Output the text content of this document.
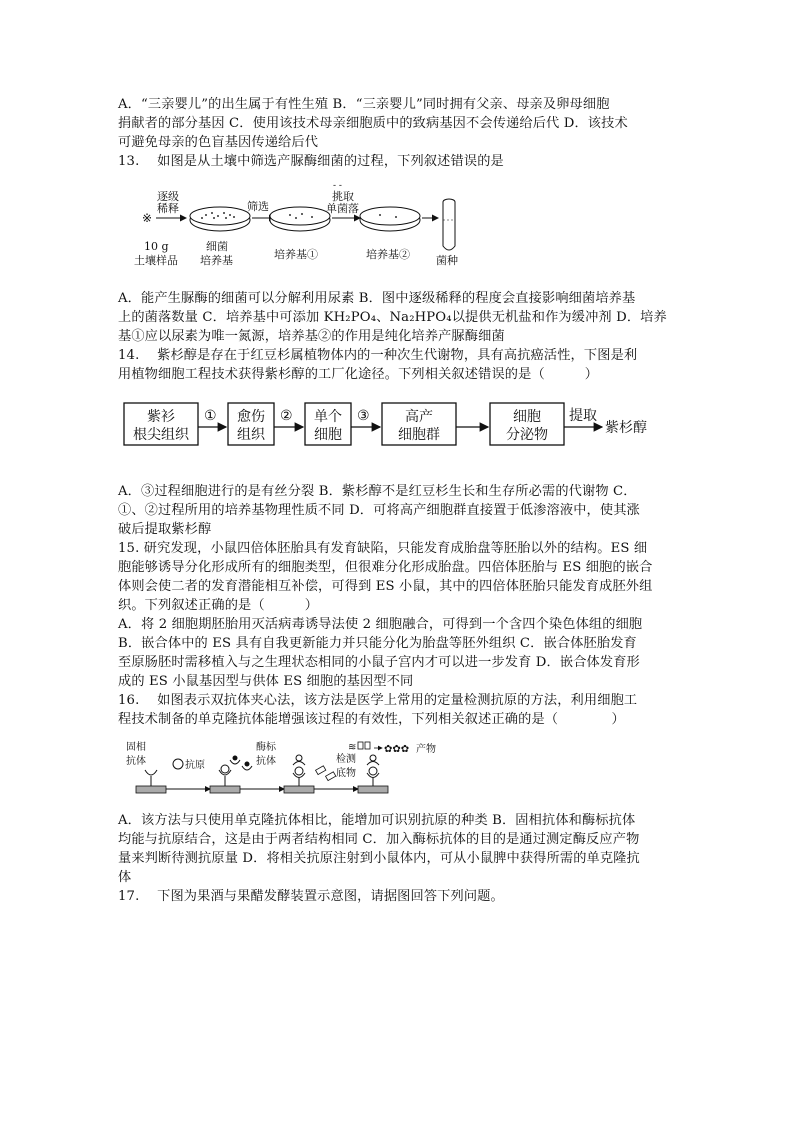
A．“三亲婴儿”的出生属于有性生殖 B．“三亲婴儿”同时拥有父亲、母亲及卵母细胞
捐献者的部分基因 C．使用该技术母亲细胞质中的致病基因不会传递给后代 D．该技术
可避免母亲的色盲基因传递给后代
13.　 如图是从土壤中筛选产脲酶细菌的过程，下列叙述错误的是
※
逐级
稀释	筛选
- -
挑取
单菌落
10 g
土壤样品
细菌
培养基	培养基①	培养基② 菌种
A．能产生脲酶的细菌可以分解利用尿素 B．图中逐级稀释的程度会直接影响细菌培养基
上的菌落数量 C．培养基中可添加 KH₂PO₄、Na₂HPO₄以提供无机盐和作为缓冲剂 D．培养
基①应以尿素为唯一氮源，培养基②的作用是纯化培养产脲酶细菌
14.　 紫杉醇是存在于红豆杉属植物体内的一种次生代谢物，具有高抗癌活性，下图是利
用植物细胞工程技术获得紫杉醇的工厂化途径。下列相关叙述错误的是（　　　）
紫衫
根尖组织
愈伤
组织
单个
细胞
高产
细胞群
细胞
分泌物
①	②	③	提取
紫杉醇
A．③过程细胞进行的是有丝分裂 B．紫杉醇不是红豆杉生长和生存所必需的代谢物 C．
①、②过程所用的培养基物理性质不同 D．可将高产细胞群直接置于低渗溶液中，使其涨
破后提取紫杉醇
15. 研究发现，小鼠四倍体胚胎具有发育缺陷，只能发育成胎盘等胚胎以外的结构。ES 细
胞能够诱导分化形成所有的细胞类型，但很难分化形成胎盘。四倍体胚胎与 ES 细胞的嵌合
体则会使二者的发育潜能相互补偿，可得到 ES 小鼠，其中的四倍体胚胎只能发育成胚外组
织。下列叙述正确的是（　　　）
A．将 2 细胞期胚胎用灭活病毒诱导法使 2 细胞融合，可得到一个含四个染色体组的细胞
B．嵌合体中的 ES 具有自我更新能力并只能分化为胎盘等胚外组织 C．嵌合体胚胎发育
至原肠胚时需移植入与之生理状态相同的小鼠子宫内才可以进一步发育 D．嵌合体发育形
成的 ES 小鼠基因型与供体 ES 细胞的基因型不同
16.　 如图表示双抗体夹心法，该方法是医学上常用的定量检测抗原的方法，利用细胞工
程技术制备的单克隆抗体能增强该过程的有效性，下列相关叙述正确的是（　　　　）
固相
抗体	抗原
酶标
抗体	检测
底物
≋	✿✿✿ 产物
A．该方法与只使用单克隆抗体相比，能增加可识别抗原的种类 B．固相抗体和酶标抗体
均能与抗原结合，这是由于两者结构相同 C．加入酶标抗体的目的是通过测定酶反应产物
量来判断待测抗原量 D．将相关抗原注射到小鼠体内，可从小鼠脾中获得所需的单克隆抗
体
17.　 下图为果酒与果醋发酵装置示意图，请据图回答下列问题。
